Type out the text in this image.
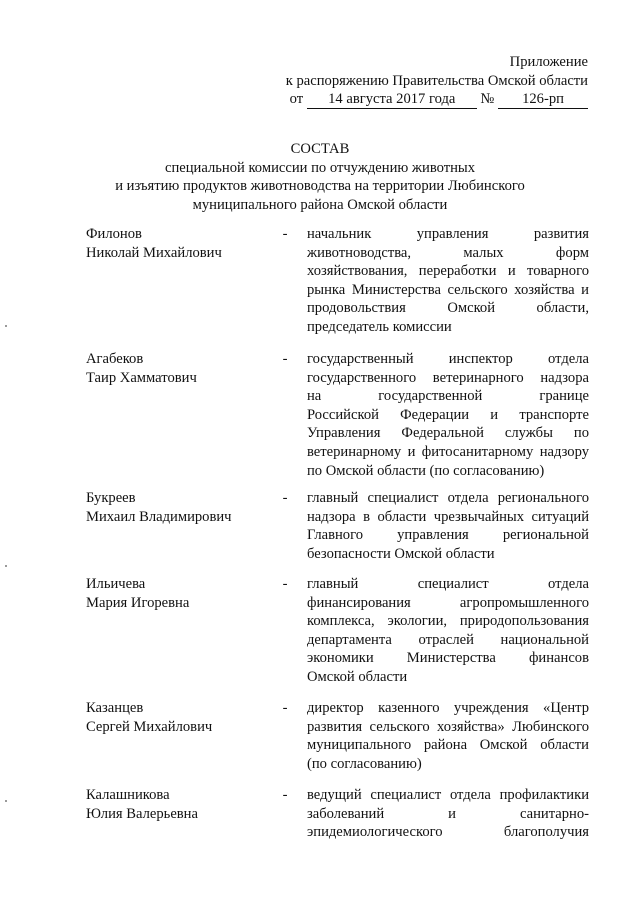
Приложение
к распоряжению Правительства Омской области
от 14 августа 2017 года № 126-рп
СОСТАВ
специальной комиссии по отчуждению животных
и изъятию продуктов животноводства на территории Любинского
муниципального района Омской области
Филонов
Николай Михайлович
- начальник управления развития
животноводства, малых форм
хозяйствования, переработки и товарного
рынка Министерства сельского хозяйства и
продовольствия Омской области,
председатель комиссии
Агабеков
Таир Хамматович
- государственный инспектор отдела
государственного ветеринарного надзора
на государственной границе
Российской Федерации и транспорте
Управления Федеральной службы по
ветеринарному и фитосанитарному надзору
по Омской области (по согласованию)
Букреев
Михаил Владимирович
- главный специалист отдела регионального
надзора в области чрезвычайных ситуаций
Главного управления региональной
безопасности Омской области
Ильичева
Мария Игоревна
- главный специалист отдела
финансирования агропромышленного
комплекса, экологии, природопользования
департамента отраслей национальной
экономики Министерства финансов
Омской области
Казанцев
Сергей Михайлович
- директор казенного учреждения «Центр
развития сельского хозяйства» Любинского
муниципального района Омской области
(по согласованию)
Калашникова
Юлия Валерьевна
- ведущий специалист отдела профилактики
заболеваний и санитарно-
эпидемиологического благополучия
